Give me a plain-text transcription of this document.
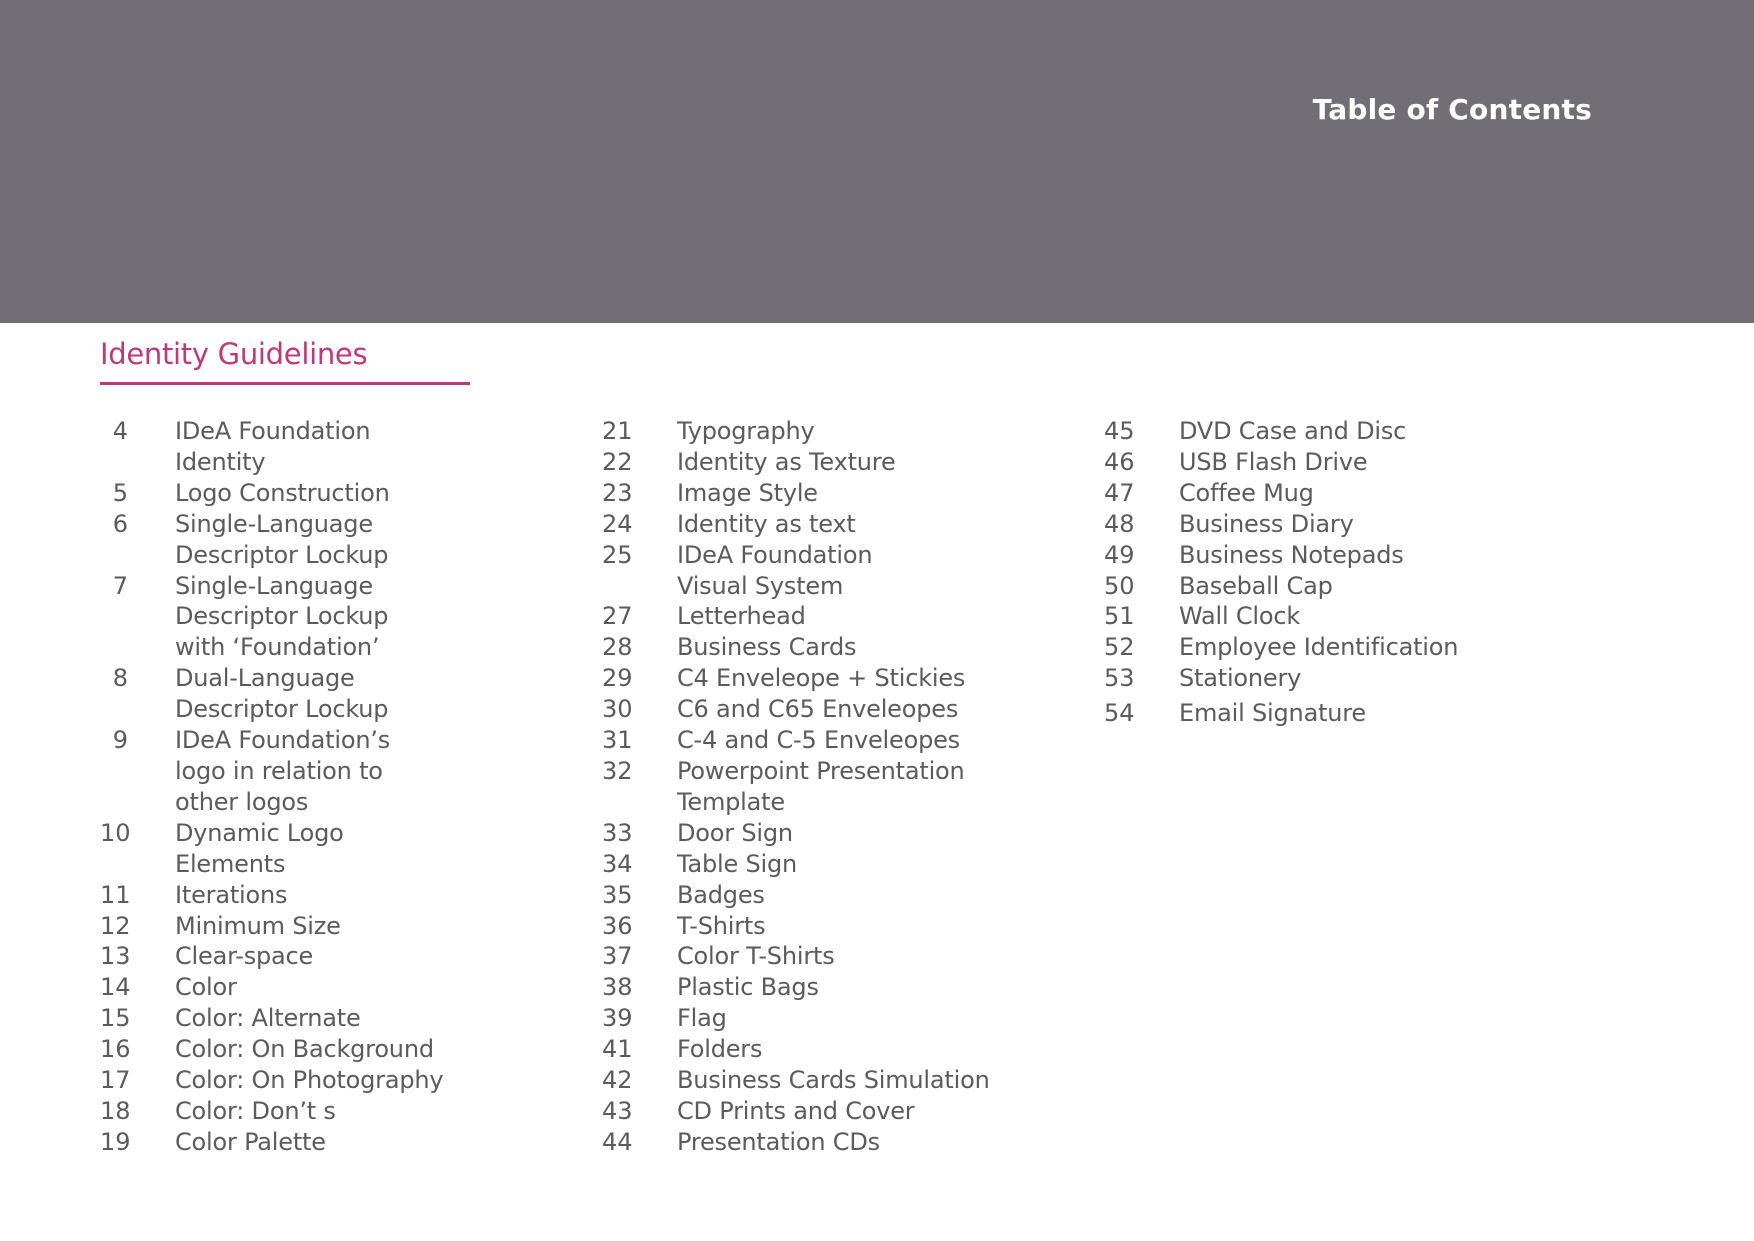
Table of Contents
Identity Guidelines
4	IDeA Foundation
Identity
5	Logo Construction
6	Single-Language
Descriptor Lockup
7	Single-Language
Descriptor Lockup
with ‘Foundation’
8	Dual-Language
Descriptor Lockup
9	IDeA Foundation’s
logo in relation to
other logos
10	Dynamic Logo
Elements
11	Iterations
12	Minimum Size
13	Clear-space
14	Color
15	Color: Alternate
16	Color: On Background
17	Color: On Photography
18	Color: Don’t s
19	Color Palette
21	Typography
22	Identity as Texture
23	Image Style
24	Identity as text
25	IDeA Foundation
Visual System
27	Letterhead
28	Business Cards
29	C4 Enveleope + Stickies
30	C6 and C65 Enveleopes
31	C-4 and C-5 Enveleopes
32	Powerpoint Presentation
Template
33	Door Sign
34	Table Sign
35	Badges
36	T-Shirts
37	Color T-Shirts
38	Plastic Bags
39	Flag
41	Folders
42	Business Cards Simulation
43	CD Prints and Cover
44	Presentation CDs
45	DVD Case and Disc
46	USB Flash Drive
47	Coffee Mug
48	Business Diary
49	Business Notepads
50	Baseball Cap
51	Wall Clock
52	Employee Identification
53	Stationery
54	Email Signature
